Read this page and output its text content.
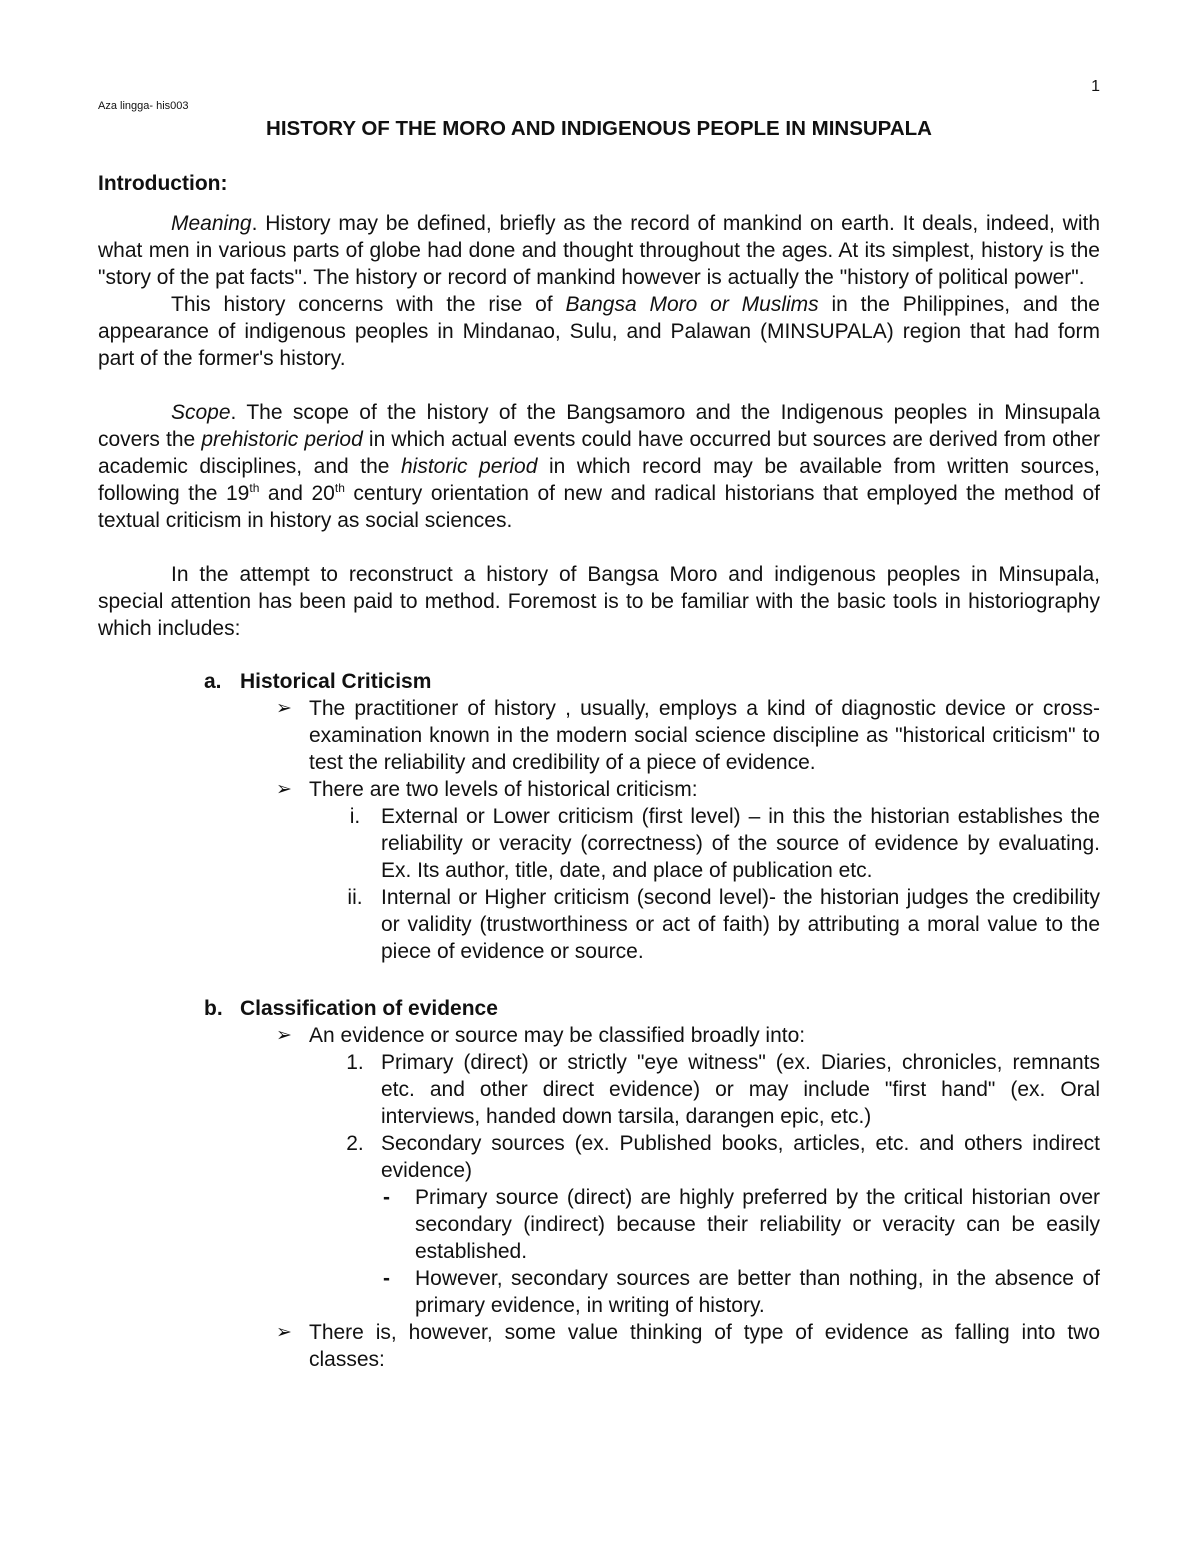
1
Aza lingga- his003
HISTORY OF THE MORO AND INDIGENOUS PEOPLE IN MINSUPALA
Introduction:

Meaning. History may be defined, briefly as the record of mankind on earth. It deals, indeed, with what men in various parts of globe had done and thought throughout the ages. At its simplest, history is the "story of the pat facts". The history or record of mankind however is actually the "history of political power".

This history concerns with the rise of Bangsa Moro or Muslims in the Philippines, and the appearance of indigenous peoples in Mindanao, Sulu, and Palawan (MINSUPALA) region that had form part of the former's history.

Scope. The scope of the history of the Bangsamoro and the Indigenous peoples in Minsupala covers the prehistoric period in which actual events could have occurred but sources are derived from other academic disciplines, and the historic period in which record may be available from written sources, following the 19th and 20th century orientation of new and radical historians that employed the method of textual criticism in history as social sciences.

In the attempt to reconstruct a history of Bangsa Moro and indigenous peoples in Minsupala, special attention has been paid to method. Foremost is to be familiar with the basic tools in historiography which includes:

a. Historical Criticism
➢ The practitioner of history , usually, employs a kind of diagnostic device or cross-examination known in the modern social science discipline as "historical criticism" to test the reliability and credibility of a piece of evidence.
➢ There are two levels of historical criticism:
i. External or Lower criticism (first level) – in this the historian establishes the reliability or veracity (correctness) of the source of evidence by evaluating. Ex. Its author, title, date, and place of publication etc.
ii. Internal or Higher criticism (second level)- the historian judges the credibility or validity (trustworthiness or act of faith) by attributing a moral value to the piece of evidence or source.
b. Classification of evidence
➢ An evidence or source may be classified broadly into:
1. Primary (direct) or strictly "eye witness" (ex. Diaries, chronicles, remnants etc. and other direct evidence) or may include "first hand" (ex. Oral interviews, handed down tarsila, darangen epic, etc.)
2. Secondary sources (ex. Published books, articles, etc. and others indirect evidence)
-	Primary source (direct) are highly preferred by the critical historian over secondary (indirect) because their reliability or veracity can be easily established.
-	However, secondary sources are better than nothing, in the absence of primary evidence, in writing of history.
➢ There is, however, some value thinking of type of evidence as falling into two classes:
